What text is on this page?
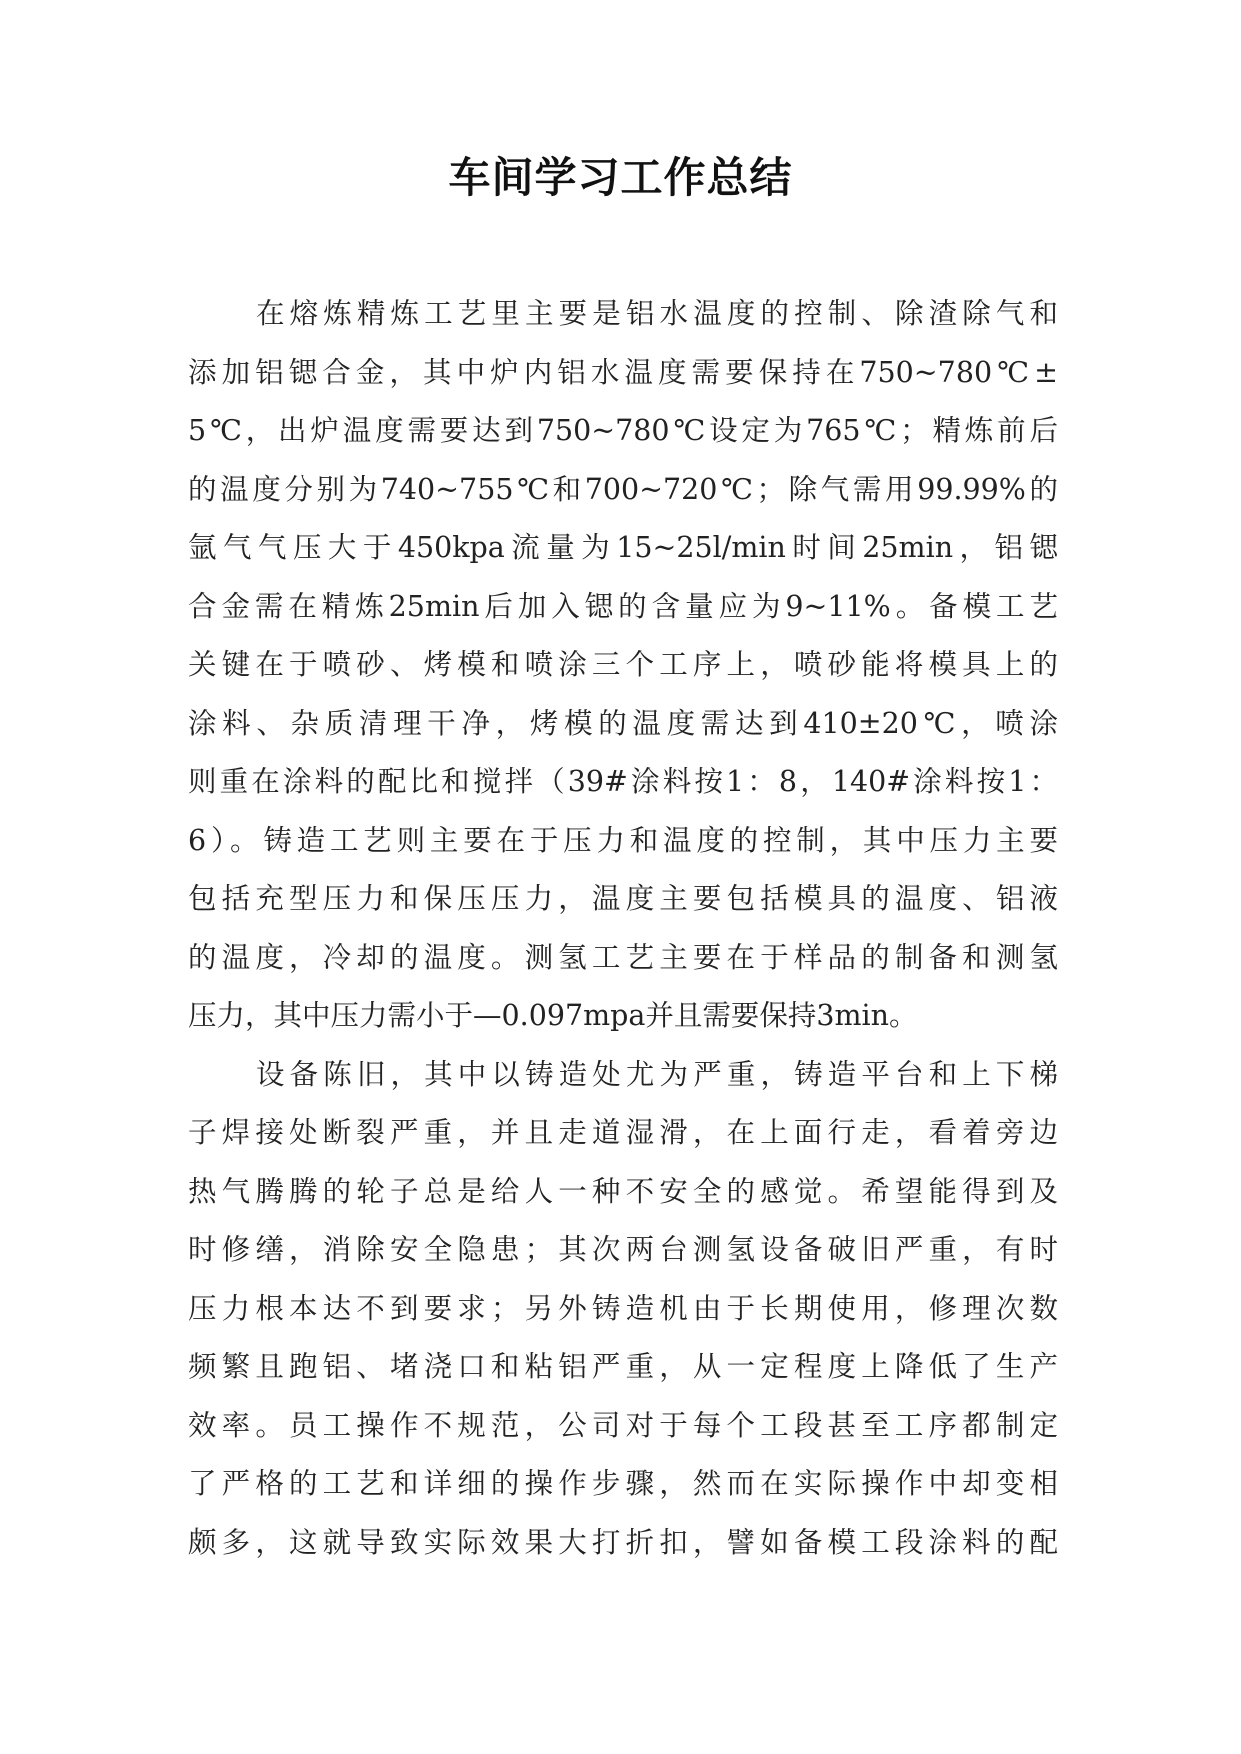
车间学习工作总结
在熔炼精炼工艺里主要是铝水温度的控制、除渣除气和
添加铝锶合金，其中炉内铝水温度需要保持在750~780℃±
5℃，出炉温度需要达到750~780℃设定为765℃；精炼前后
的温度分别为740~755℃和700~720℃；除气需用99.99%的
氩气气压大于450kpa流量为15~25l/min时间25min，铝锶
合金需在精炼25min后加入锶的含量应为9~11%。备模工艺
关键在于喷砂、烤模和喷涂三个工序上，喷砂能将模具上的
涂料、杂质清理干净，烤模的温度需达到410±20℃，喷涂
则重在涂料的配比和搅拌（39#涂料按1：8，140#涂料按1：
6）。铸造工艺则主要在于压力和温度的控制，其中压力主要
包括充型压力和保压压力，温度主要包括模具的温度、铝液
的温度，冷却的温度。测氢工艺主要在于样品的制备和测氢
压力，其中压力需小于—0.097mpa并且需要保持3min。
设备陈旧，其中以铸造处尤为严重，铸造平台和上下梯
子焊接处断裂严重，并且走道湿滑，在上面行走，看着旁边
热气腾腾的轮子总是给人一种不安全的感觉。希望能得到及
时修缮，消除安全隐患；其次两台测氢设备破旧严重，有时
压力根本达不到要求；另外铸造机由于长期使用，修理次数
频繁且跑铝、堵浇口和粘铝严重，从一定程度上降低了生产
效率。员工操作不规范，公司对于每个工段甚至工序都制定
了严格的工艺和详细的操作步骤，然而在实际操作中却变相
颇多，这就导致实际效果大打折扣，譬如备模工段涂料的配
